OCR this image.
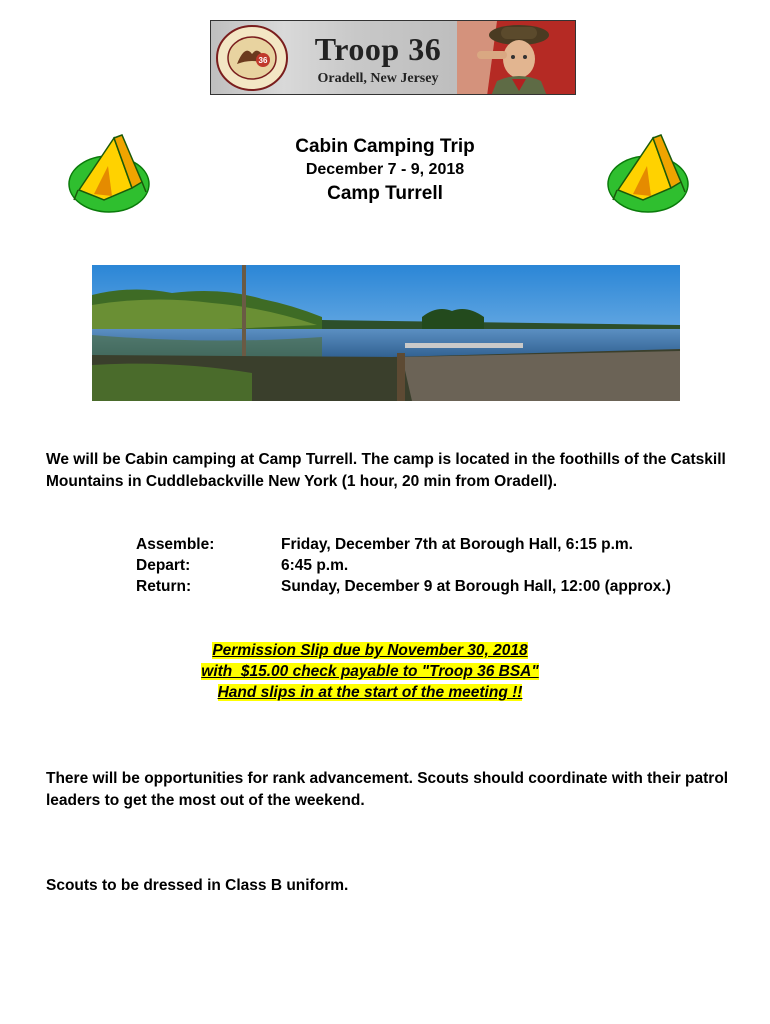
36	Troop 36
Oradell, New Jersey
Cabin Camping Trip
December 7 - 9, 2018
Camp Turrell
We will be Cabin camping at Camp Turrell. The camp is located in the foothills of the Catskill Mountains in Cuddlebackville New York (1 hour, 20 min from Oradell).
Assemble:	Friday, December 7th at Borough Hall, 6:15 p.m.
Depart:	6:45 p.m.
Return:	Sunday, December 9 at Borough Hall, 12:00 (approx.)
Permission Slip due by November 30, 2018
with  $15.00 check payable to "Troop 36 BSA"
Hand slips in at the start of the meeting !!
There will be opportunities for rank advancement. Scouts should coordinate with their patrol leaders to get the most out of the weekend.
Scouts to be dressed in Class B uniform.
